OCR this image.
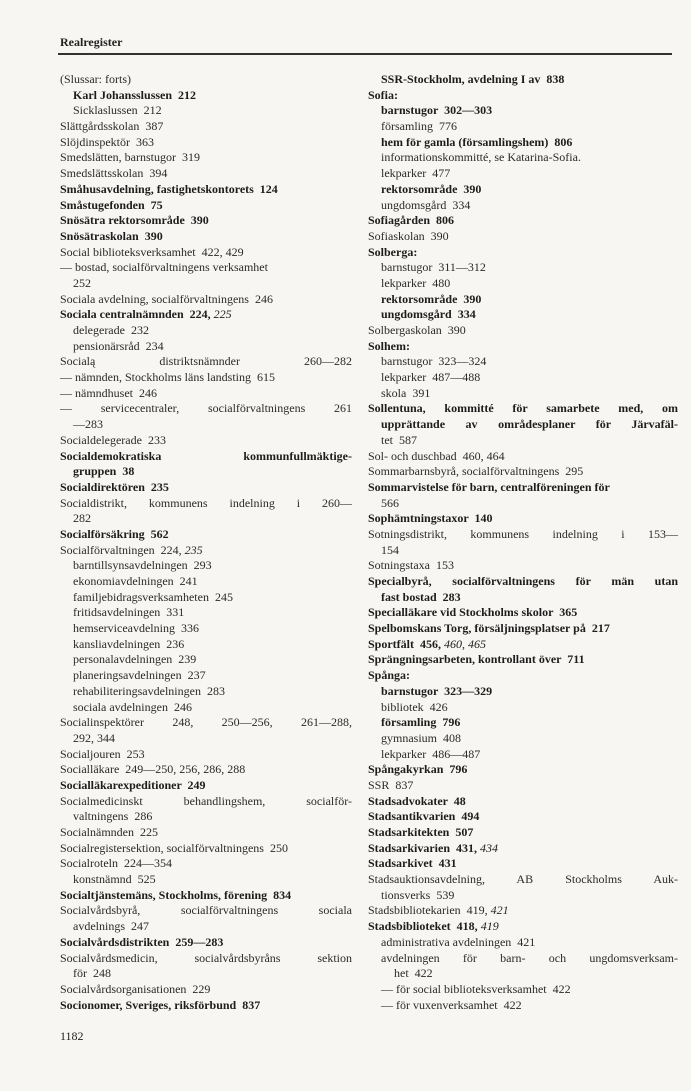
Realregister
(Slussar: forts)
Karl Johansslussen  212
Sicklaslussen  212
Slättgårdsskolan  387
Slöjdinspektör  363
Smedslätten, barnstugor  319
Smedslättsskolan  394
Småhusavdelning, fastighetskontorets  124
Småstugefonden  75
Snösätra rektorsområde  390
Snösätraskolan  390
Social biblioteksverksamhet  422, 429
— bostad, socialförvaltningens verksamhet
252
Sociala avdelning, socialförvaltningens  246
Sociala centralnämnden  224, 225
delegerade  232
pensionärsråd  234
Socialą distriktsnämnder 260—282
— nämnden, Stockholms läns landsting  615
— nämndhuset  246
— servicecentraler, socialförvaltningens 261
—283
Socialdelegerade  233
Socialdemokratiska kommunfullmäktige-
gruppen  38
Socialdirektören  235
Socialdistrikt, kommunens indelning i 260—
282
Socialförsäkring  562
Socialförvaltningen  224, 235
barntillsynsavdelningen  293
ekonomiavdelningen  241
familjebidragsverksamheten  245
fritidsavdelningen  331
hemserviceavdelning  336
kansliavdelningen  236
personalavdelningen  239
planeringsavdelningen  237
rehabiliteringsavdelningen  283
sociala avdelningen  246
Socialinspektörer 248, 250—256, 261—288,
292, 344
Socialjouren  253
Socialläkare  249—250, 256, 286, 288
Socialläkarexpeditioner  249
Socialmedicinskt behandlingshem, socialför-
valtningens  286
Socialnämnden  225
Socialregistersektion, socialförvaltningens  250
Socialroteln  224—354
konstnämnd  525
Socialtjänstemäns, Stockholms, förening  834
Socialvårdsbyrå, socialförvaltningens sociala
avdelnings  247
Socialvårdsdistrikten  259—283
Socialvårdsmedicin, socialvårdsbyråns sektion
för  248
Socialvårdsorganisationen  229
Socionomer, Sveriges, riksförbund  837
1182
SSR-Stockholm, avdelning I av  838
Sofia:
barnstugor  302—303
församling  776
hem för gamla (församlingshem)  806
informationskommitté, se Katarina-Sofia.
lekparker  477
rektorsområde  390
ungdomsgård  334
Sofiagården  806
Sofiaskolan  390
Solberga:
barnstugor  311—312
lekparker  480
rektorsområde  390
ungdomsgård  334
Solbergaskolan  390
Solhem:
barnstugor  323—324
lekparker  487—488
skola  391
Sollentuna, kommitté för samarbete med, om
upprättande av områdesplaner för Järvafäl-
tet  587
Sol- och duschbad  460, 464
Sommarbarnsbyrå, socialförvaltningens  295
Sommarvistelse för barn, centralföreningen för
566
Sophämtningstaxor  140
Sotningsdistrikt, kommunens indelning i 153—
154
Sotningstaxa  153
Specialbyrå, socialförvaltningens för män utan
fast bostad  283
Specialläkare vid Stockholms skolor  365
Spelbomskans Torg, försäljningsplatser på  217
Sportfält  456, 460, 465
Sprängningsarbeten, kontrollant över  711
Spånga:
barnstugor  323—329
bibliotek  426
församling  796
gymnasium  408
lekparker  486—487
Spångakyrkan  796
SSR  837
Stadsadvokater  48
Stadsantikvarien  494
Stadsarkitekten  507
Stadsarkivarien  431, 434
Stadsarkivet  431
Stadsauktionsavdelning, AB Stockholms Auk-
tionsverks  539
Stadsbibliotekarien  419, 421
Stadsbiblioteket  418, 419
administrativa avdelningen  421
avdelningen för barn- och ungdomsverksam-
het  422
— för social biblioteksverksamhet  422
— för vuxenverksamhet  422
